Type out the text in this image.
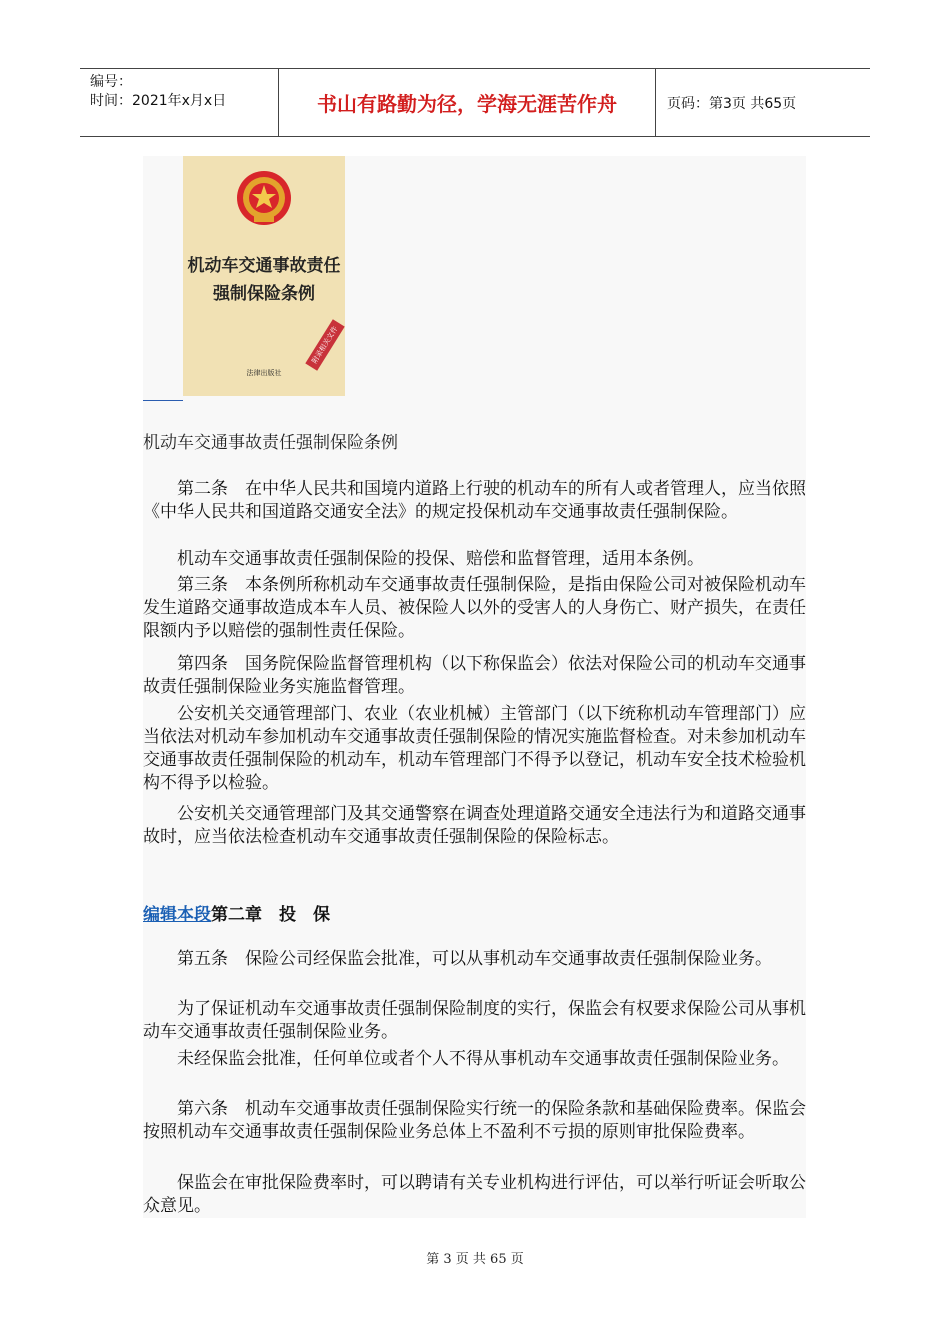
编号：
时间：2021年x月x日	书山有路勤为径，学海无涯苦作舟	页码：第3页 共65页
机动车交通事故责任
强制保险条例
附录相关文件
法律出版社
机动车交通事故责任强制保险条例
　　第二条　在中华人民共和国境内道路上行驶的机动车的所有人或者管理人，应当依照《中华人民共和国道路交通安全法》的规定投保机动车交通事故责任强制保险。
　　机动车交通事故责任强制保险的投保、赔偿和监督管理，适用本条例。
　　第三条　本条例所称机动车交通事故责任强制保险，是指由保险公司对被保险机动车发生道路交通事故造成本车人员、被保险人以外的受害人的人身伤亡、财产损失，在责任限额内予以赔偿的强制性责任保险。
　　第四条　国务院保险监督管理机构（以下称保监会）依法对保险公司的机动车交通事故责任强制保险业务实施监督管理。
　　公安机关交通管理部门、农业（农业机械）主管部门（以下统称机动车管理部门）应当依法对机动车参加机动车交通事故责任强制保险的情况实施监督检查。对未参加机动车交通事故责任强制保险的机动车，机动车管理部门不得予以登记，机动车安全技术检验机构不得予以检验。
　　公安机关交通管理部门及其交通警察在调查处理道路交通安全违法行为和道路交通事故时，应当依法检查机动车交通事故责任强制保险的保险标志。
编辑本段第二章　投　保
　　第五条　保险公司经保监会批准，可以从事机动车交通事故责任强制保险业务。
　　为了保证机动车交通事故责任强制保险制度的实行，保监会有权要求保险公司从事机动车交通事故责任强制保险业务。
　　未经保监会批准，任何单位或者个人不得从事机动车交通事故责任强制保险业务。
　　第六条　机动车交通事故责任强制保险实行统一的保险条款和基础保险费率。保监会按照机动车交通事故责任强制保险业务总体上不盈利不亏损的原则审批保险费率。
　　保监会在审批保险费率时，可以聘请有关专业机构进行评估，可以举行听证会听取公众意见。
第 3 页 共 65 页
